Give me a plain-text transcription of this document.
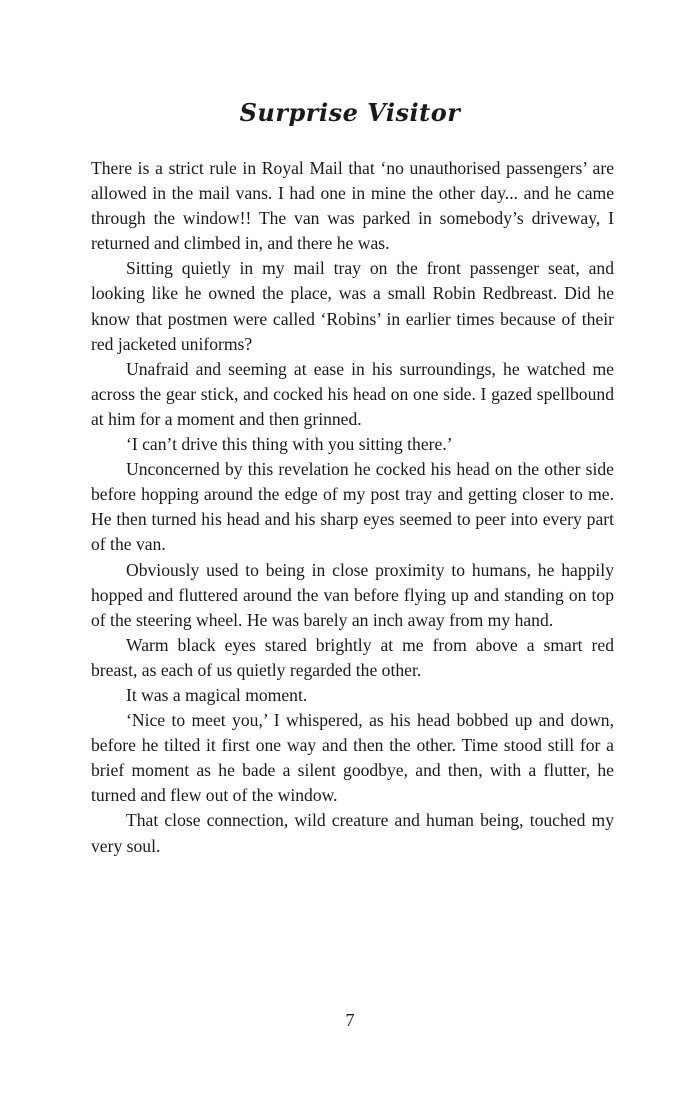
Surprise Visitor

There is a strict rule in Royal Mail that ‘no unauthorised passengers’ are allowed in the mail vans. I had one in mine the other day... and he came through the window!! The van was parked in somebody’s driveway, I returned and climbed in, and there he was.

Sitting quietly in my mail tray on the front passenger seat, and looking like he owned the place, was a small Robin Redbreast. Did he know that postmen were called ‘Robins’ in earlier times because of their red jacketed uniforms?

Unafraid and seeming at ease in his surroundings, he watched me across the gear stick, and cocked his head on one side. I gazed spellbound at him for a moment and then grinned.

‘I can’t drive this thing with you sitting there.’

Unconcerned by this revelation he cocked his head on the other side before hopping around the edge of my post tray and getting closer to me. He then turned his head and his sharp eyes seemed to peer into every part of the van.

Obviously used to being in close proximity to humans, he happily hopped and fluttered around the van before flying up and standing on top of the steering wheel. He was barely an inch away from my hand.

Warm black eyes stared brightly at me from above a smart red breast, as each of us quietly regarded the other.

It was a magical moment.

‘Nice to meet you,’ I whispered, as his head bobbed up and down, before he tilted it first one way and then the other. Time stood still for a brief moment as he bade a silent goodbye, and then, with a flutter, he turned and flew out of the window.

That close connection, wild creature and human being, touched my very soul.

7
